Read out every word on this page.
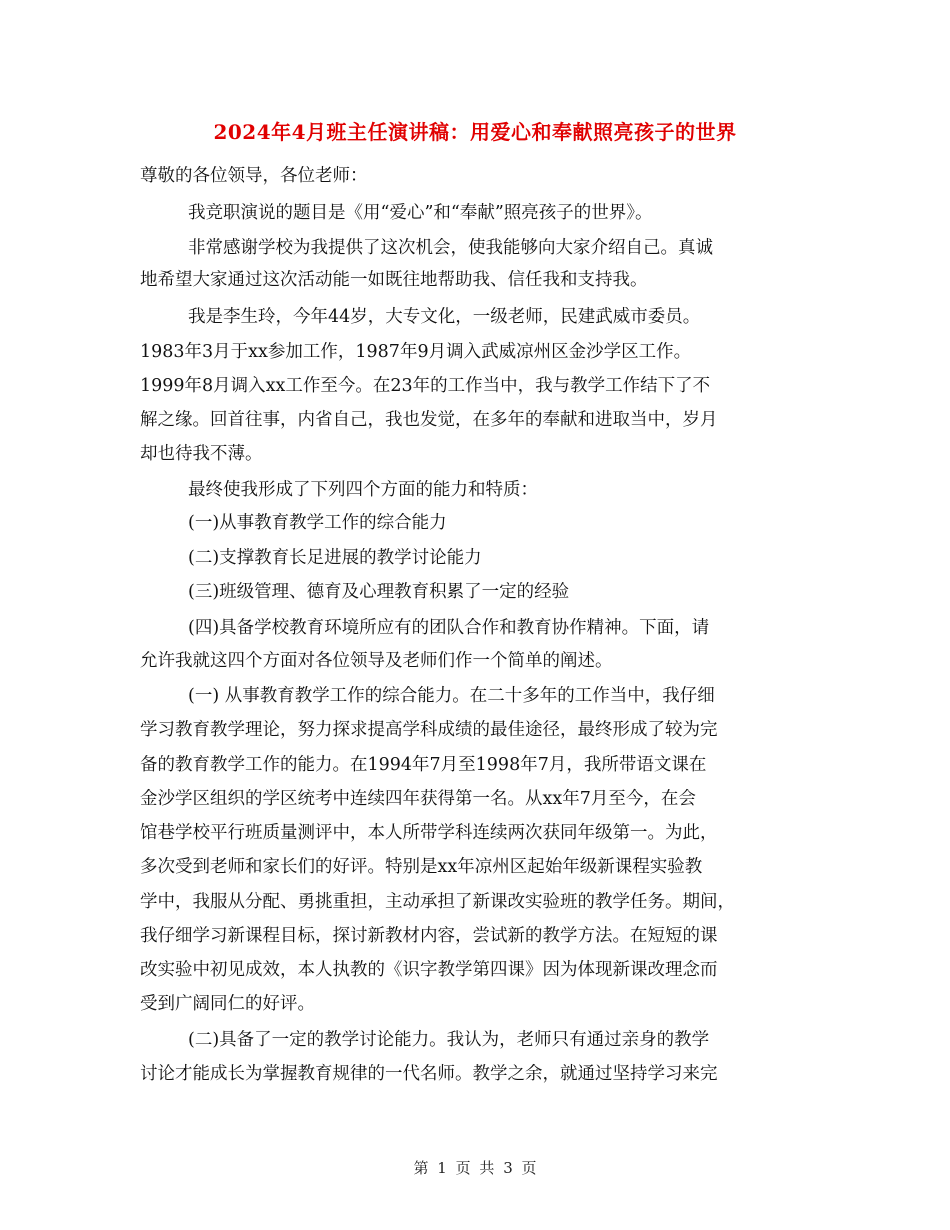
2024年4月班主任演讲稿：用爱心和奉献照亮孩子的世界
尊敬的各位领导，各位老师：
我竞职演说的题目是《用“爱心”和“奉献”照亮孩子的世界》。
非常感谢学校为我提供了这次机会，使我能够向大家介绍自己。真诚
地希望大家通过这次活动能一如既往地帮助我、信任我和支持我。
我是李生玲，今年44岁，大专文化，一级老师，民建武威市委员。
1983年3月于xx参加工作，1987年9月调入武威凉州区金沙学区工作。
1999年8月调入xx工作至今。在23年的工作当中，我与教学工作结下了不
解之缘。回首往事，内省自己，我也发觉，在多年的奉献和进取当中，岁月
却也待我不薄。
最终使我形成了下列四个方面的能力和特质：
(一)从事教育教学工作的综合能力
(二)支撑教育长足进展的教学讨论能力
(三)班级管理、德育及心理教育积累了一定的经验
(四)具备学校教育环境所应有的团队合作和教育协作精神。下面，请
允许我就这四个方面对各位领导及老师们作一个简单的阐述。
(一) 从事教育教学工作的综合能力。在二十多年的工作当中，我仔细
学习教育教学理论，努力探求提高学科成绩的最佳途径，最终形成了较为完
备的教育教学工作的能力。在1994年7月至1998年7月，我所带语文课在
金沙学区组织的学区统考中连续四年获得第一名。从xx年7月至今，在会
馆巷学校平行班质量测评中，本人所带学科连续两次获同年级第一。为此，
多次受到老师和家长们的好评。特别是xx年凉州区起始年级新课程实验教
学中，我服从分配、勇挑重担，主动承担了新课改实验班的教学任务。期间，
我仔细学习新课程目标，探讨新教材内容，尝试新的教学方法。在短短的课
改实验中初见成效，本人执教的《识字教学第四课》因为体现新课改理念而
受到广阔同仁的好评。
(二)具备了一定的教学讨论能力。我认为，老师只有通过亲身的教学
讨论才能成长为掌握教育规律的一代名师。教学之余，就通过坚持学习来完
第 1 页 共 3 页
